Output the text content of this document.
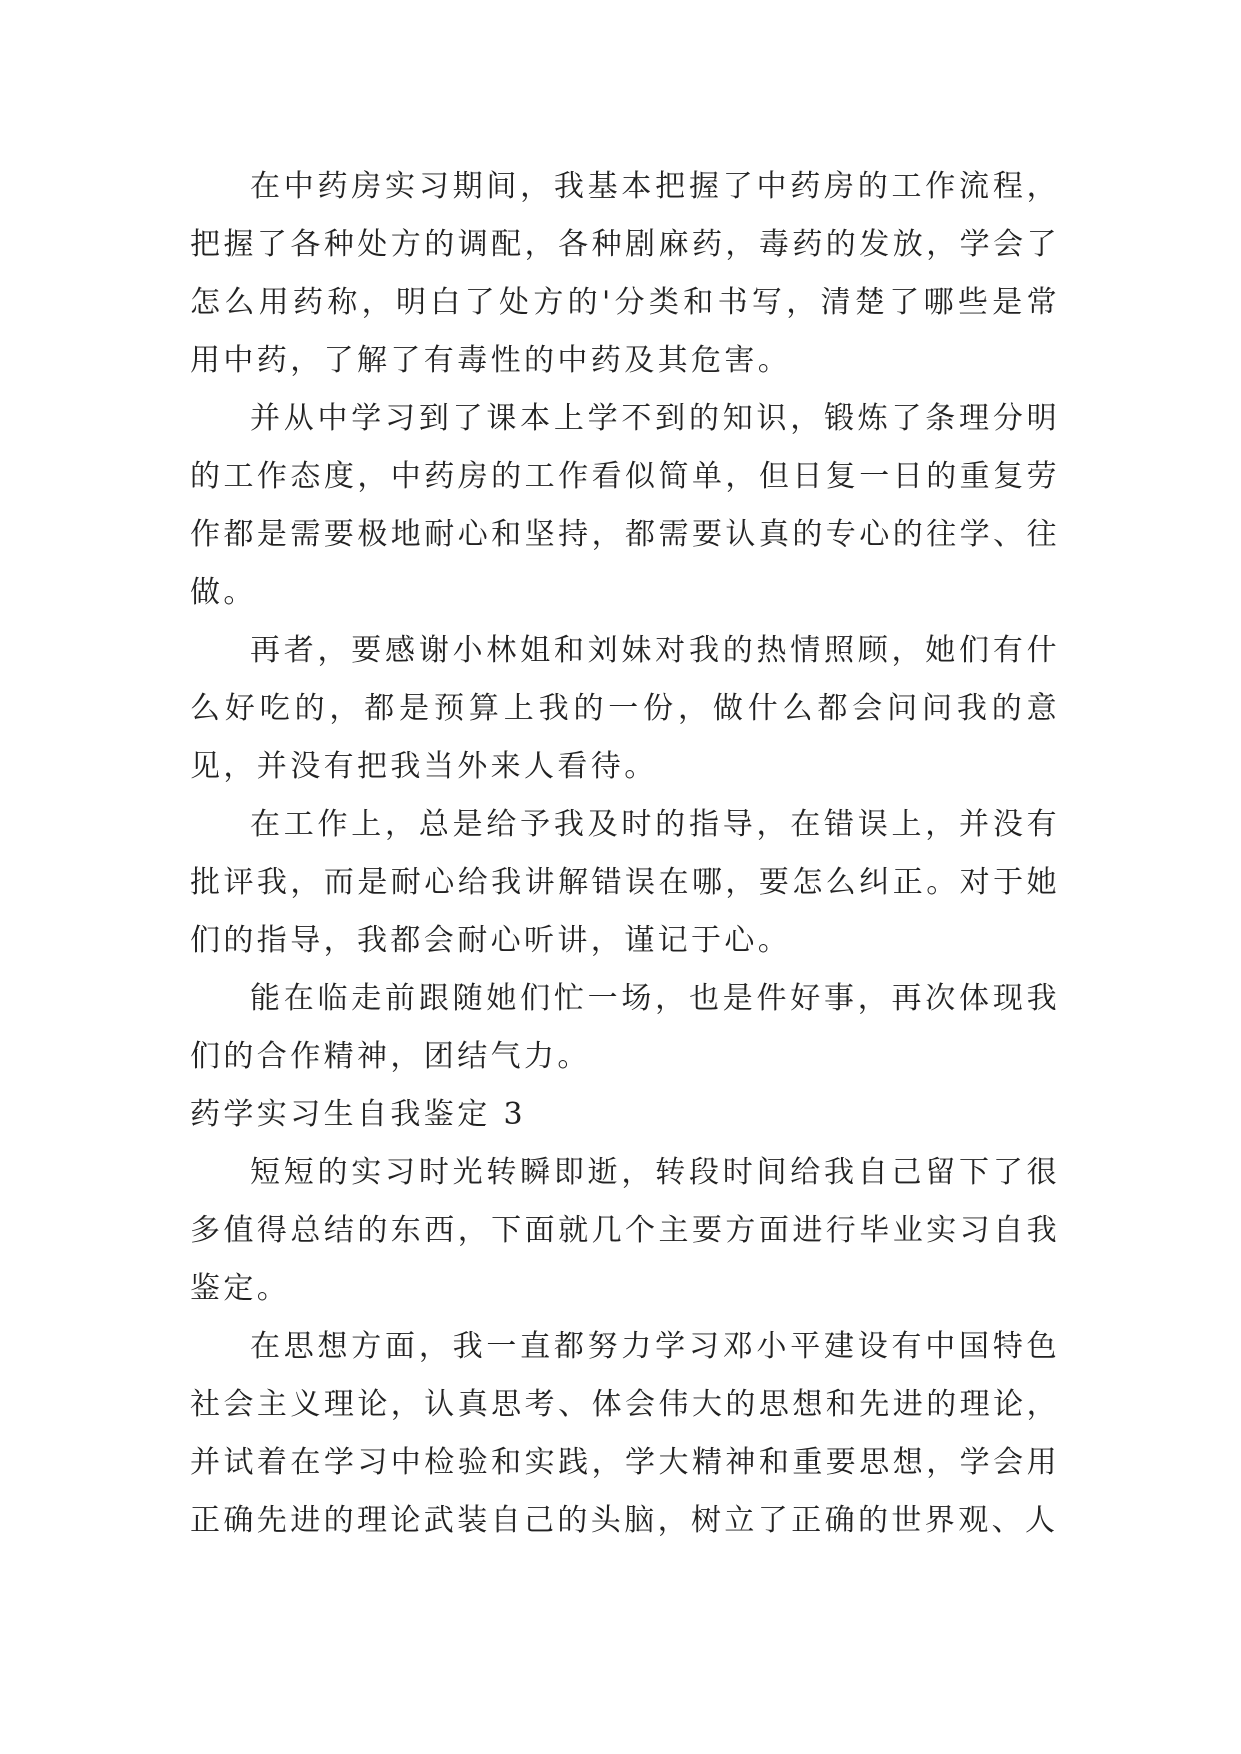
在中药房实习期间，我基本把握了中药房的工作流程，把握了各种处方的调配，各种剧麻药，毒药的发放，学会了怎么用药称，明白了处方的'分类和书写，清楚了哪些是常用中药，了解了有毒性的中药及其危害。

并从中学习到了课本上学不到的知识，锻炼了条理分明的工作态度，中药房的工作看似简单，但日复一日的重复劳作都是需要极地耐心和坚持，都需要认真的专心的往学、往做。

再者，要感谢小林姐和刘妹对我的热情照顾，她们有什么好吃的，都是预算上我的一份，做什么都会问问我的意见，并没有把我当外来人看待。

在工作上，总是给予我及时的指导，在错误上，并没有批评我，而是耐心给我讲解错误在哪，要怎么纠正。对于她们的指导，我都会耐心听讲，谨记于心。

能在临走前跟随她们忙一场，也是件好事，再次体现我们的合作精神，团结气力。

药学实习生自我鉴定 3

短短的实习时光转瞬即逝，转段时间给我自己留下了很多值得总结的东西，下面就几个主要方面进行毕业实习自我鉴定。

在思想方面，我一直都努力学习邓小平建设有中国特色社会主义理论，认真思考、体会伟大的思想和先进的理论，并试着在学习中检验和实践，学大精神和重要思想，学会用正确先进的理论武装自己的头脑，树立了正确的世界观、人
